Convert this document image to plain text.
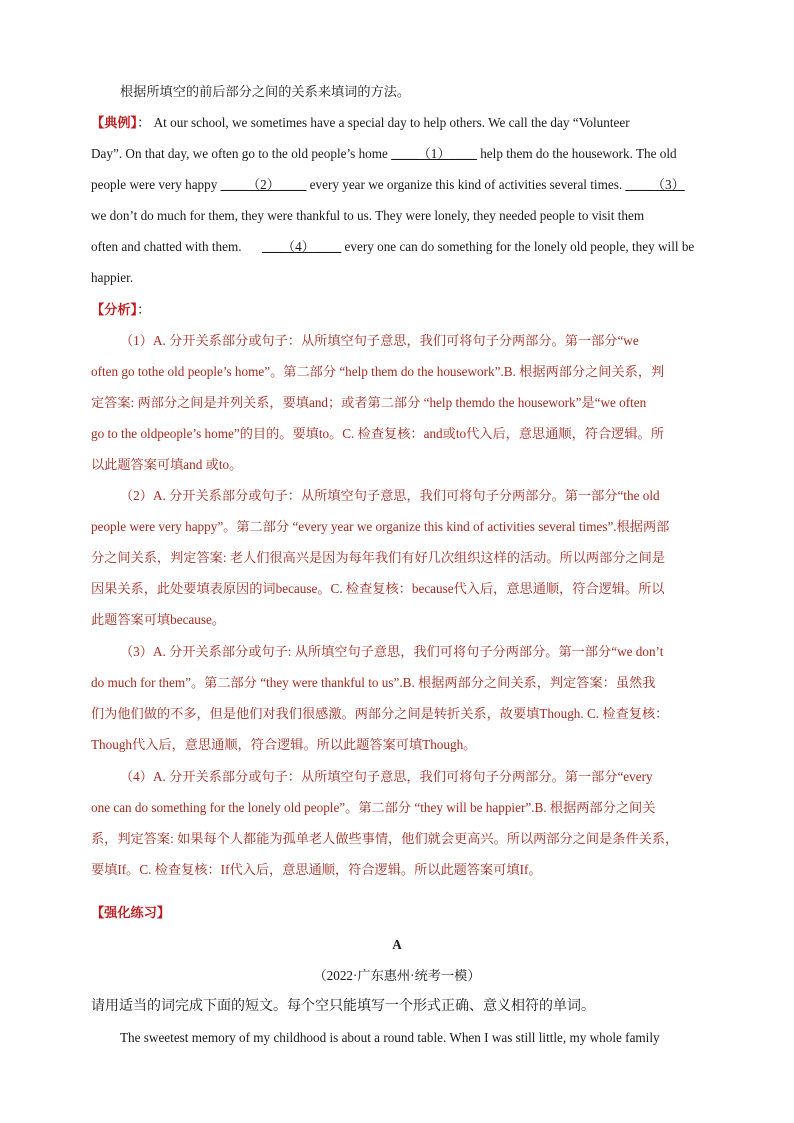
根据所填空的前后部分之间的关系来填词的方法。
【典例】： At our school, we sometimes have a special day to help others. We call the day “Volunteer
Day”. On that day, we often go to the old people’s home ____（1）____ help them do the housework. The old
people were very happy ____（2）____ every year we organize this kind of activities several times. ____（3）
we don’t do much for them, they were thankful to us. They were lonely, they needed people to visit them
often and chatted with them. ___（4）____ every one can do something for the lonely old people, they will be
happier.
【分析】：
（1）A. 分开关系部分或句子：从所填空句子意思，我们可将句子分两部分。第一部分“we
often go tothe old people’s home”。第二部分 “help them do the housework”.B. 根据两部分之间关系，判
定答案: 两部分之间是并列关系，要填and；或者第二部分 “help themdo the housework”是“we often
go to the oldpeople’s home”的目的。要填to。C. 检查复核：and或to代入后，意思通顺，符合逻辑。所
以此题答案可填and 或to。
（2）A. 分开关系部分或句子：从所填空句子意思，我们可将句子分两部分。第一部分“the old
people were very happy”。第二部分 “every year we organize this kind of activities several times”.根据两部
分之间关系，判定答案: 老人们很高兴是因为每年我们有好几次组织这样的活动。所以两部分之间是
因果关系，此处要填表原因的词because。C. 检查复核：because代入后，意思通顺，符合逻辑。所以
此题答案可填because。
（3）A. 分开关系部分或句子: 从所填空句子意思，我们可将句子分两部分。第一部分“we don’t
do much for them”。第二部分 “they were thankful to us”.B. 根据两部分之间关系，判定答案：虽然我
们为他们做的不多，但是他们对我们很感激。两部分之间是转折关系，故要填Though. C. 检查复核：
Though代入后，意思通顺，符合逻辑。所以此题答案可填Though。
（4）A. 分开关系部分或句子：从所填空句子意思，我们可将句子分两部分。第一部分“every
one can do something for the lonely old people”。第二部分 “they will be happier”.B. 根据两部分之间关
系，判定答案: 如果每个人都能为孤单老人做些事情，他们就会更高兴。所以两部分之间是条件关系，
要填If。C. 检查复核：If代入后，意思通顺，符合逻辑。所以此题答案可填If。
【强化练习】
A
（2022·广东惠州·统考一模）
请用适当的词完成下面的短文。每个空只能填写一个形式正确、意义相符的单词。
The sweetest memory of my childhood is about a round table. When I was still little, my whole family
